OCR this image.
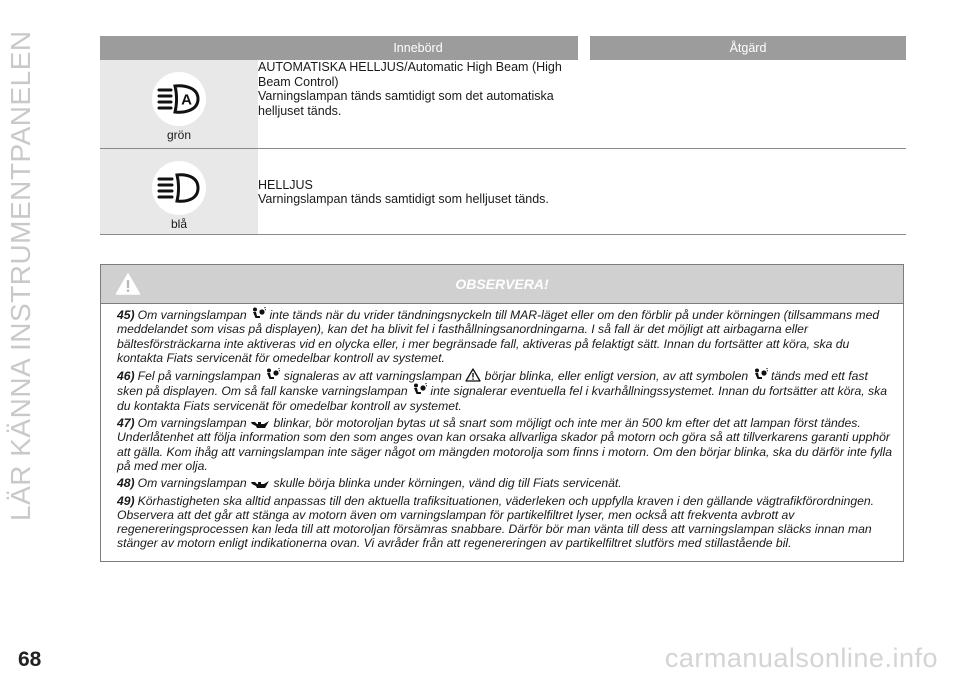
LÄR KÄNNA INSTRUMENTPANELEN
		Innebörd		Åtgärd

A
grön	AUTOMATISKA HELLJUS/Automatic High Beam (High Beam Control)
Varningslampan tänds samtidigt som det automatiska helljuset tänds.		

blå	HELLJUS
Varningslampan tänds samtidigt som helljuset tänds.		

OBSERVERA!

45) Om varningslampan inte tänds när du vrider tändningsnyckeln till MAR-läget eller om den förblir på under körningen (tillsammans med meddelandet som visas på displayen), kan det ha blivit fel i fasthållningsanordningarna. I så fall är det möjligt att airbagarna eller bältesförsträckarna inte aktiveras vid en olycka eller, i mer begränsade fall, aktiveras på felaktigt sätt. Innan du fortsätter att köra, ska du kontakta Fiats servicenät för omedelbar kontroll av systemet.

46) Fel på varningslampan signaleras av att varningslampan börjar blinka, eller enligt version, av att symbolen tänds med ett fast sken på displayen. Om så fall kanske varningslampan inte signalerar eventuella fel i kvarhållningssystemet. Innan du fortsätter att köra, ska du kontakta Fiats servicenät för omedelbar kontroll av systemet.

47) Om varningslampan blinkar, bör motoroljan bytas ut så snart som möjligt och inte mer än 500 km efter det att lampan först tändes. Underlåtenhet att följa information som den som anges ovan kan orsaka allvarliga skador på motorn och göra så att tillverkarens garanti upphör att gälla. Kom ihåg att varningslampan inte säger något om mängden motorolja som finns i motorn. Om den börjar blinka, ska du därför inte fylla på med mer olja.

48) Om varningslampan skulle börja blinka under körningen, vänd dig till Fiats servicenät.

49) Körhastigheten ska alltid anpassas till den aktuella trafiksituationen, väderleken och uppfylla kraven i den gällande vägtrafikförordningen. Observera att det går att stänga av motorn även om varningslampan för partikelfiltret lyser, men också att frekventa avbrott av regenereringsprocessen kan leda till att motoroljan försämras snabbare. Därför bör man vänta till dess att varningslampan släcks innan man stänger av motorn enligt indikationerna ovan. Vi avråder från att regenereringen av partikelfiltret slutförs med stillastående bil.

68	carmanualsonline.info
